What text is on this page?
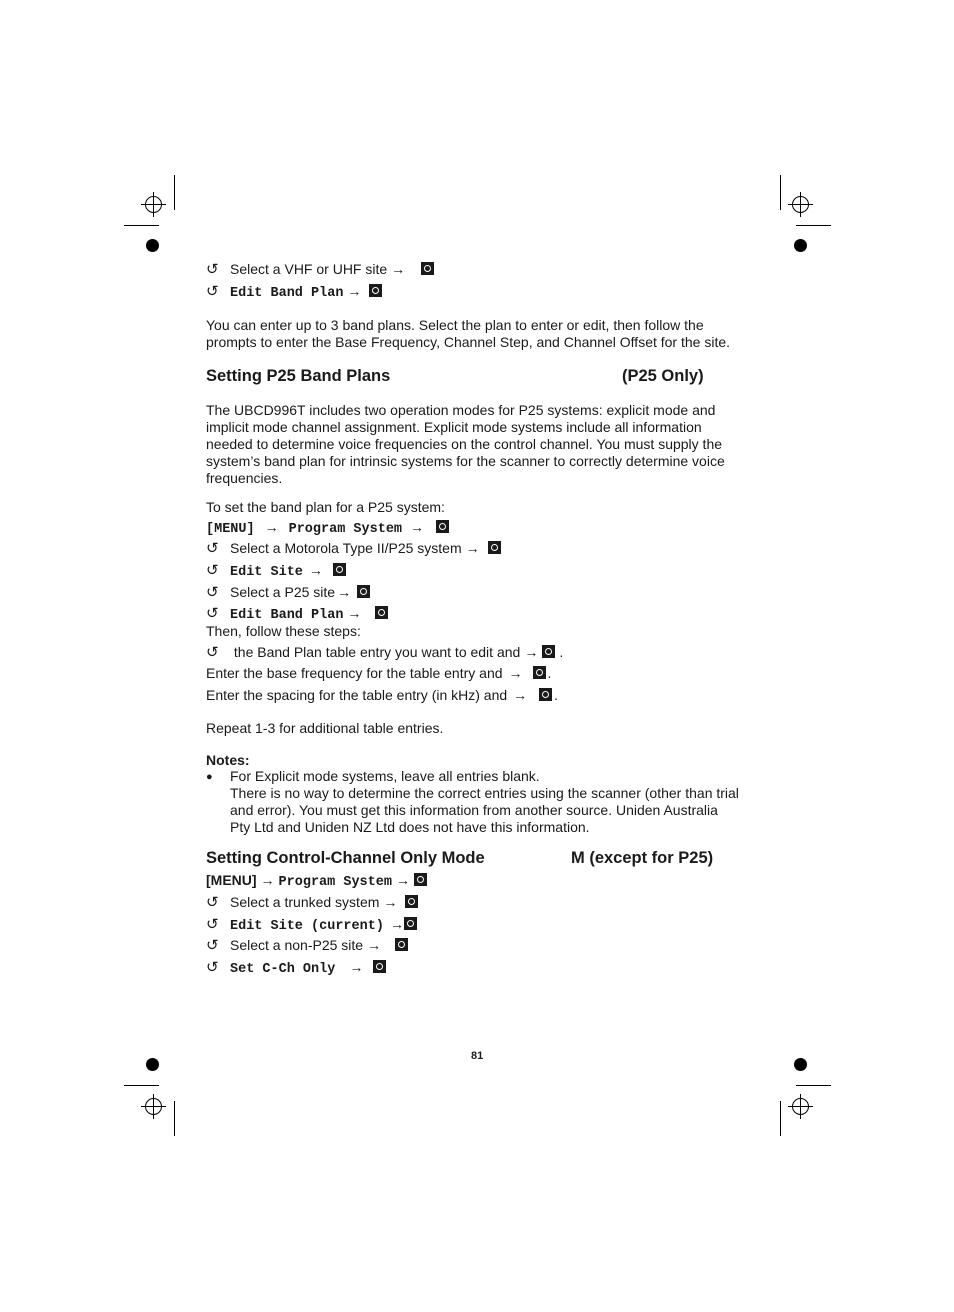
↺ Select a VHF or UHF site →
↺ Edit Band Plan →
You can enter up to 3 band plans. Select the plan to enter or edit, then follow the prompts to enter the Base Frequency, Channel Step, and Channel Offset for the site.
Setting P25 Band Plans	(P25 Only)
The UBCD996T includes two operation modes for P25 systems: explicit mode and implicit mode channel assignment. Explicit mode systems include all information needed to determine voice frequencies on the control channel. You must supply the system’s band plan for intrinsic systems for the scanner to correctly determine voice frequencies.
To set the band plan for a P25 system:
[MENU] → Program System →
↺ Select a Motorola Type II/P25 system →
↺ Edit Site →
↺ Select a P25 site →
↺ Edit Band Plan →
Then, follow these steps:
↺ the Band Plan table entry you want to edit and → .
Enter the base frequency for the table entry and → .
Enter the spacing for the table entry (in kHz) and → .
Repeat 1-3 for additional table entries.
Notes:
● For Explicit mode systems, leave all entries blank.
There is no way to determine the correct entries using the scanner (other than trial and error). You must get this information from another source. Uniden Australia Pty Ltd and Uniden NZ Ltd does not have this information.
Setting Control-Channel Only Mode	M (except for P25)
[MENU] → Program System →
↺ Select a trunked system →
↺ Edit Site (current) →
↺ Select a non-P25 site →
↺ Set C-Ch Only →
81
